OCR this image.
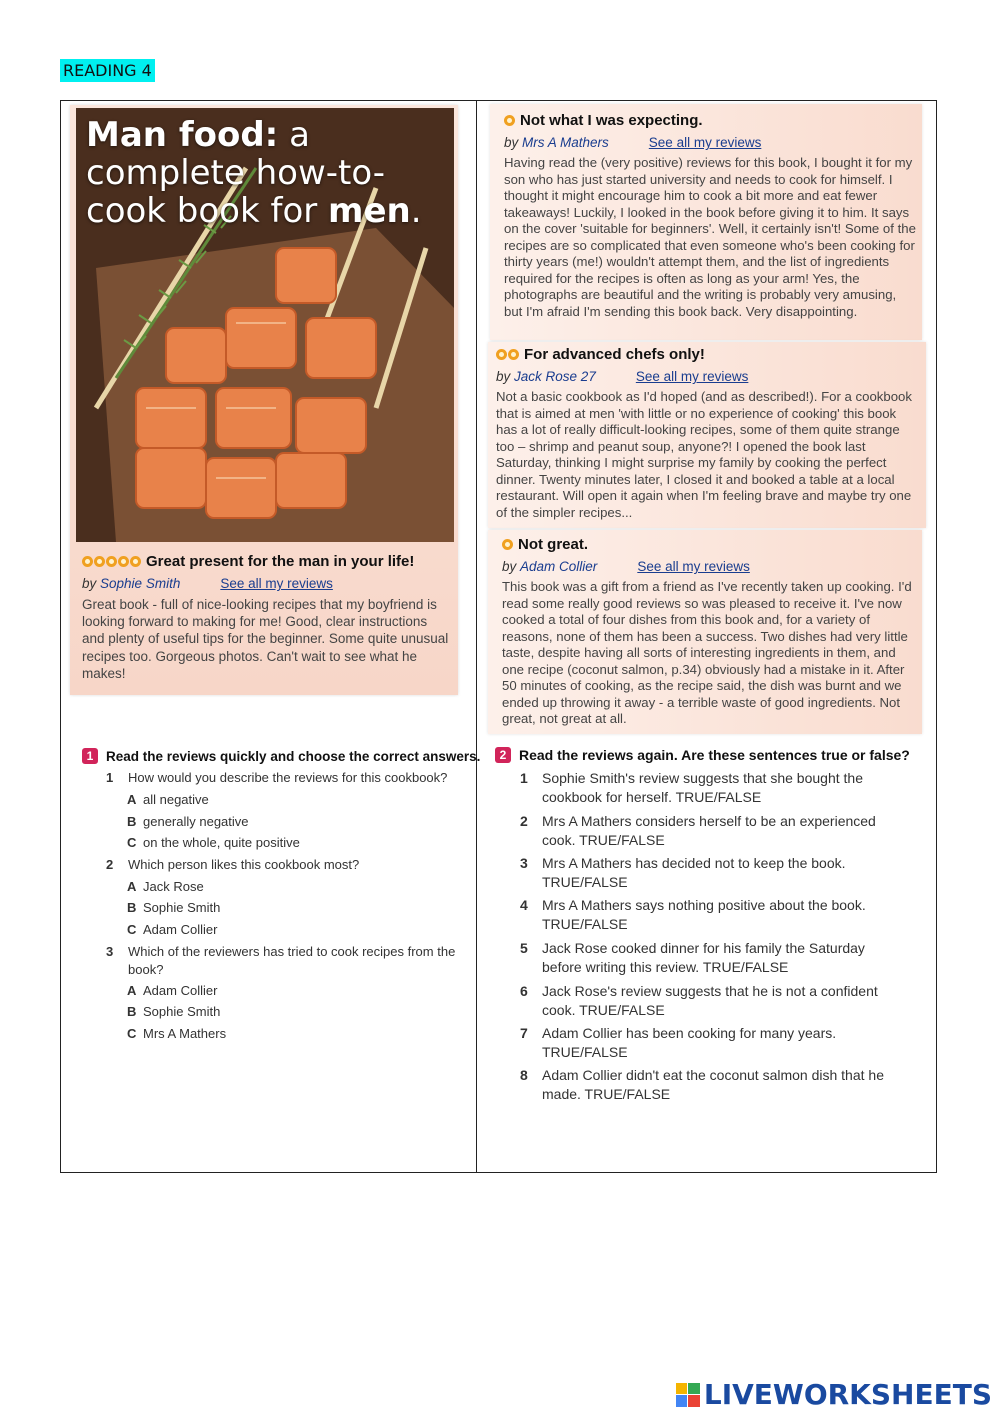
READING 4
Man food: a complete how-to-cook book for men.
Great present for the man in your life!
by
Sophie Smith	See all my reviews
Great book - full of nice-looking recipes that my boyfriend is looking forward to making for me! Good, clear instructions and plenty of useful tips for the beginner. Some quite unusual recipes too. Gorgeous photos. Can't wait to see what he makes!
Not what I was expecting.
by
Mrs A Mathers	See all my reviews
Having read the (very positive) reviews for this book, I bought it for my son who has just started university and needs to cook for himself. I thought it might encourage him to cook a bit more and eat fewer takeaways! Luckily, I looked in the book before giving it to him. It says on the cover 'suitable for beginners'. Well, it certainly isn't! Some of the recipes are so complicated that even someone who's been cooking for thirty years (me!) wouldn't attempt them, and the list of ingredients required for the recipes is often as long as your arm! Yes, the photographs are beautiful and the writing is probably very amusing, but I'm afraid I'm sending this book back. Very disappointing.
For advanced chefs only!
by
Jack Rose 27	See all my reviews
Not a basic cookbook as I'd hoped (and as described!). For a cookbook that is aimed at men 'with little or no experience of cooking' this book has a lot of really difficult-looking recipes, some of them quite strange too – shrimp and peanut soup, anyone?! I opened the book last Saturday, thinking I might surprise my family by cooking the perfect dinner. Twenty minutes later, I closed it and booked a table at a local restaurant. Will open it again when I'm feeling brave and maybe try one of the simpler recipes...
Not great.
by
Adam Collier	See all my reviews
This book was a gift from a friend as I've recently taken up cooking. I'd read some really good reviews so was pleased to receive it. I've now cooked a total of four dishes from this book and, for a variety of reasons, none of them has been a success. Two dishes had very little taste, despite having all sorts of interesting ingredients in them, and one recipe (coconut salmon, p.34) obviously had a mistake in it. After 50 minutes of cooking, as the recipe said, the dish was burnt and we ended up throwing it away - a terrible waste of good ingredients. Not great, not great at all.
1 Read the reviews quickly and choose the correct answers.
1 How would you describe the reviews for this cookbook?
A all negative
B generally negative
C on the whole, quite positive
2 Which person likes this cookbook most?
A Jack Rose
B Sophie Smith
C Adam Collier
3 Which of the reviewers has tried to cook recipes from the
book?
A Adam Collier
B Sophie Smith
C Mrs A Mathers
2 Read the reviews again. Are these sentences true or false?
1 Sophie Smith's review suggests that she bought the
cookbook for herself. TRUE/FALSE
2 Mrs A Mathers considers herself to be an experienced
cook. TRUE/FALSE
3 Mrs A Mathers has decided not to keep the book.
TRUE/FALSE
4 Mrs A Mathers says nothing positive about the book.
TRUE/FALSE
5 Jack Rose cooked dinner for his family the Saturday
before writing this review. TRUE/FALSE
6 Jack Rose's review suggests that he is not a confident
cook. TRUE/FALSE
7 Adam Collier has been cooking for many years.
TRUE/FALSE
8 Adam Collier didn't eat the coconut salmon dish that he
made. TRUE/FALSE
LIVEWORKSHEETS
